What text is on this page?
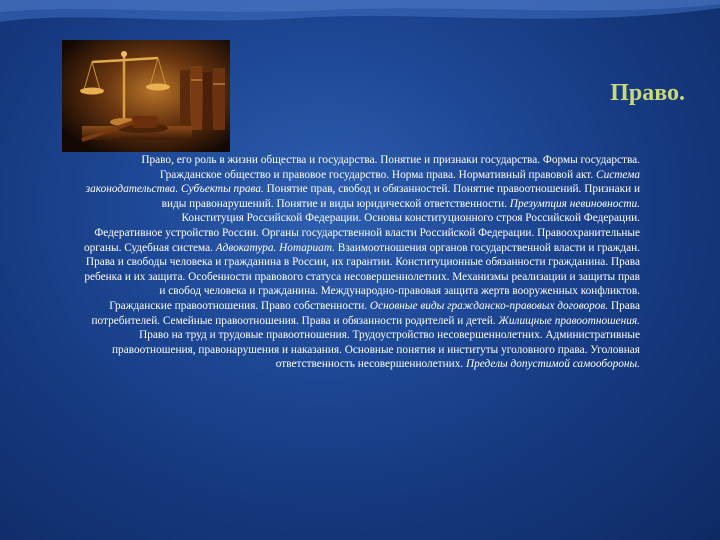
Право.

Право, его роль в жизни общества и государства. Понятие и признаки государства. Формы государства. Гражданское общество и правовое государство. Норма права. Нормативный правовой акт. Система законодательства. Субъекты права. Понятие прав, свобод и обязанностей. Понятие правоотношений. Признаки и виды правонарушений. Понятие и виды юридической ответственности. Презумпция невиновности.

Конституция Российской Федерации. Основы конституционного строя Российской Федерации.

Федеративное устройство России. Органы государственной власти Российской Федерации. Правоохранительные органы. Судебная система. Адвокатура. Нотариат. Взаимоотношения органов государственной власти и граждан.

Права и свободы человека и гражданина в России, их гарантии. Конституционные обязанности гражданина. Права ребенка и их защита. Особенности правового статуса несовершеннолетних. Механизмы реализации и защиты прав и свобод человека и гражданина. Международно-правовая защита жертв вооруженных конфликтов.

Гражданские правоотношения. Право собственности. Основные виды гражданско-правовых договоров. Права потребителей. Семейные правоотношения. Права и обязанности родителей и детей. Жилищные правоотношения. Право на труд и трудовые правоотношения. Трудоустройство несовершеннолетних. Административные правоотношения, правонарушения и наказания. Основные понятия и институты уголовного права. Уголовная ответственность несовершеннолетних. Пределы допустимой самообороны.
